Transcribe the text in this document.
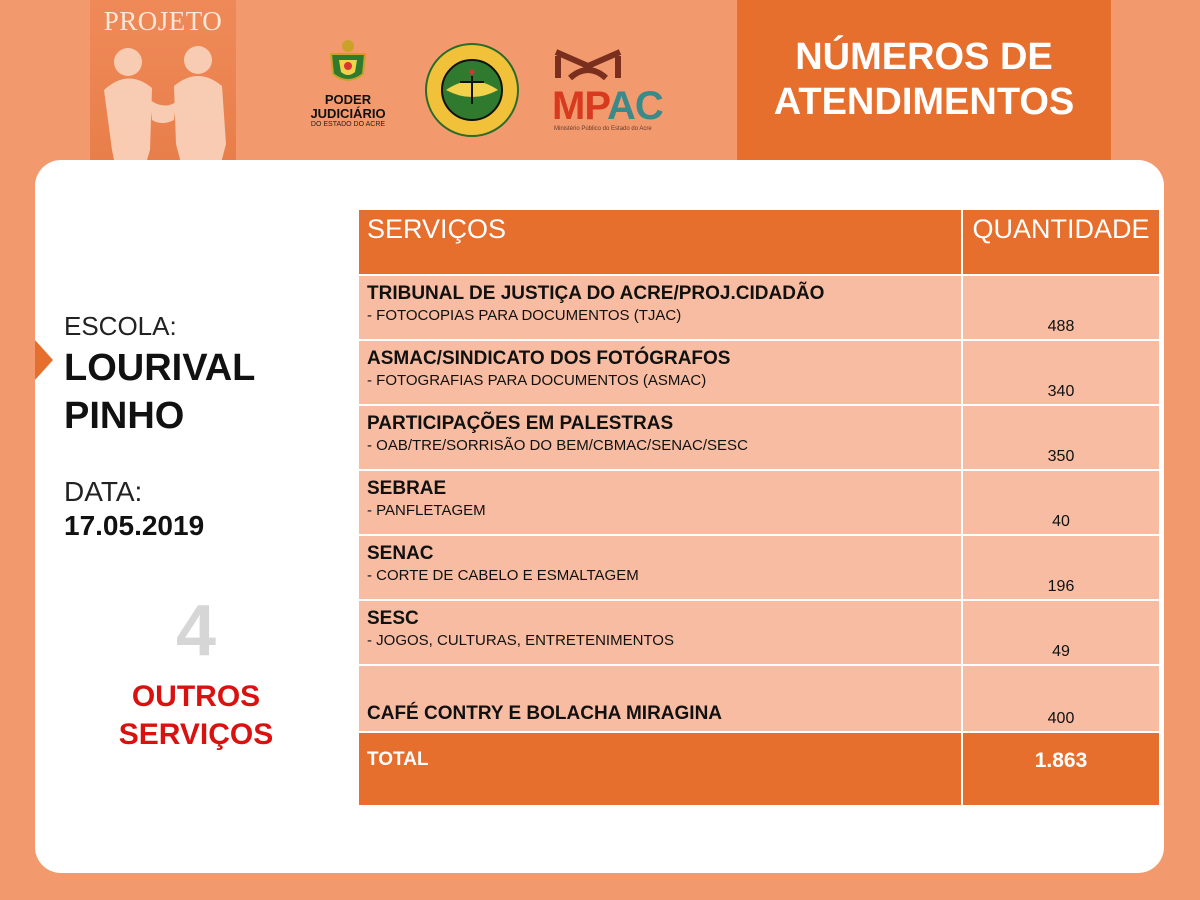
PROJETO
PODER
JUDICIÁRIO
DO ESTADO DO ACRE	MPAC
Ministério Público do Estado do Acre
NÚMEROS DE
ATENDIMENTOS
ESCOLA:
LOURIVAL
PINHO
DATA:
17.05.2019
4
OUTROS
SERVIÇOS
SERVIÇOS	QUANTIDADE

TRIBUNAL DE JUSTIÇA DO ACRE/PROJ.CIDADÃO
- FOTOCOPIAS PARA DOCUMENTOS (TJAC)	488

ASMAC/SINDICATO DOS FOTÓGRAFOS
- FOTOGRAFIAS PARA DOCUMENTOS (ASMAC)	340

PARTICIPAÇÕES EM PALESTRAS
- OAB/TRE/SORRISÃO DO BEM/CBMAC/SENAC/SESC	350

SEBRAE
- PANFLETAGEM	40

SENAC
- CORTE DE CABELO E ESMALTAGEM	196

SESC
- JOGOS, CULTURAS, ENTRETENIMENTOS	49
CAFÉ CONTRY E BOLACHA MIRAGINA	400
TOTAL	1.863
